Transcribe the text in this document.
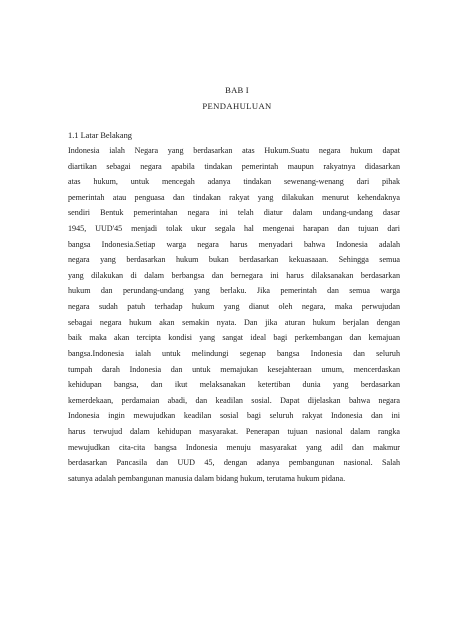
BAB I
PENDAHULUAN
1.1 Latar Belakang
Indonesia ialah Negara yang berdasarkan atas Hukum.Suatu negara hukum dapat
diartikan sebagai negara apabila tindakan pemerintah maupun rakyatnya didasarkan
atas hukum, untuk mencegah adanya tindakan sewenang-wenang dari pihak
pemerintah atau penguasa dan tindakan rakyat yang dilakukan menurut kehendaknya
sendiri Bentuk pemerintahan negara ini telah diatur dalam undang-undang dasar
1945, UUD'45 menjadi tolak ukur segala hal mengenai harapan dan tujuan dari
bangsa Indonesia.Setiap warga negara harus menyadari bahwa Indonesia adalah
negara yang berdasarkan hukum bukan berdasarkan kekuasaaan. Sehingga semua
yang dilakukan di dalam berbangsa dan bernegara ini harus dilaksanakan berdasarkan
hukum dan perundang-undang yang berlaku. Jika pemerintah dan semua warga
negara sudah patuh terhadap hukum yang dianut oleh negara, maka perwujudan
sebagai negara hukum akan semakin nyata. Dan jika aturan hukum berjalan dengan
baik maka akan tercipta kondisi yang sangat ideal bagi perkembangan dan kemajuan
bangsa.Indonesia ialah untuk melindungi segenap bangsa Indonesia dan seluruh
tumpah darah Indonesia dan untuk memajukan kesejahteraan umum, mencerdaskan
kehidupan bangsa, dan ikut melaksanakan ketertiban dunia yang berdasarkan
kemerdekaan, perdamaian abadi, dan keadilan sosial. Dapat dijelaskan bahwa negara
Indonesia ingin mewujudkan keadilan sosial bagi seluruh rakyat Indonesia dan ini
harus terwujud dalam kehidupan masyarakat. Penerapan tujuan nasional dalam rangka
mewujudkan cita-cita bangsa Indonesia menuju masyarakat yang adil dan makmur
berdasarkan Pancasila dan UUD 45, dengan adanya pembangunan nasional. Salah
satunya adalah pembangunan manusia dalam bidang hukum, terutama hukum pidana.
